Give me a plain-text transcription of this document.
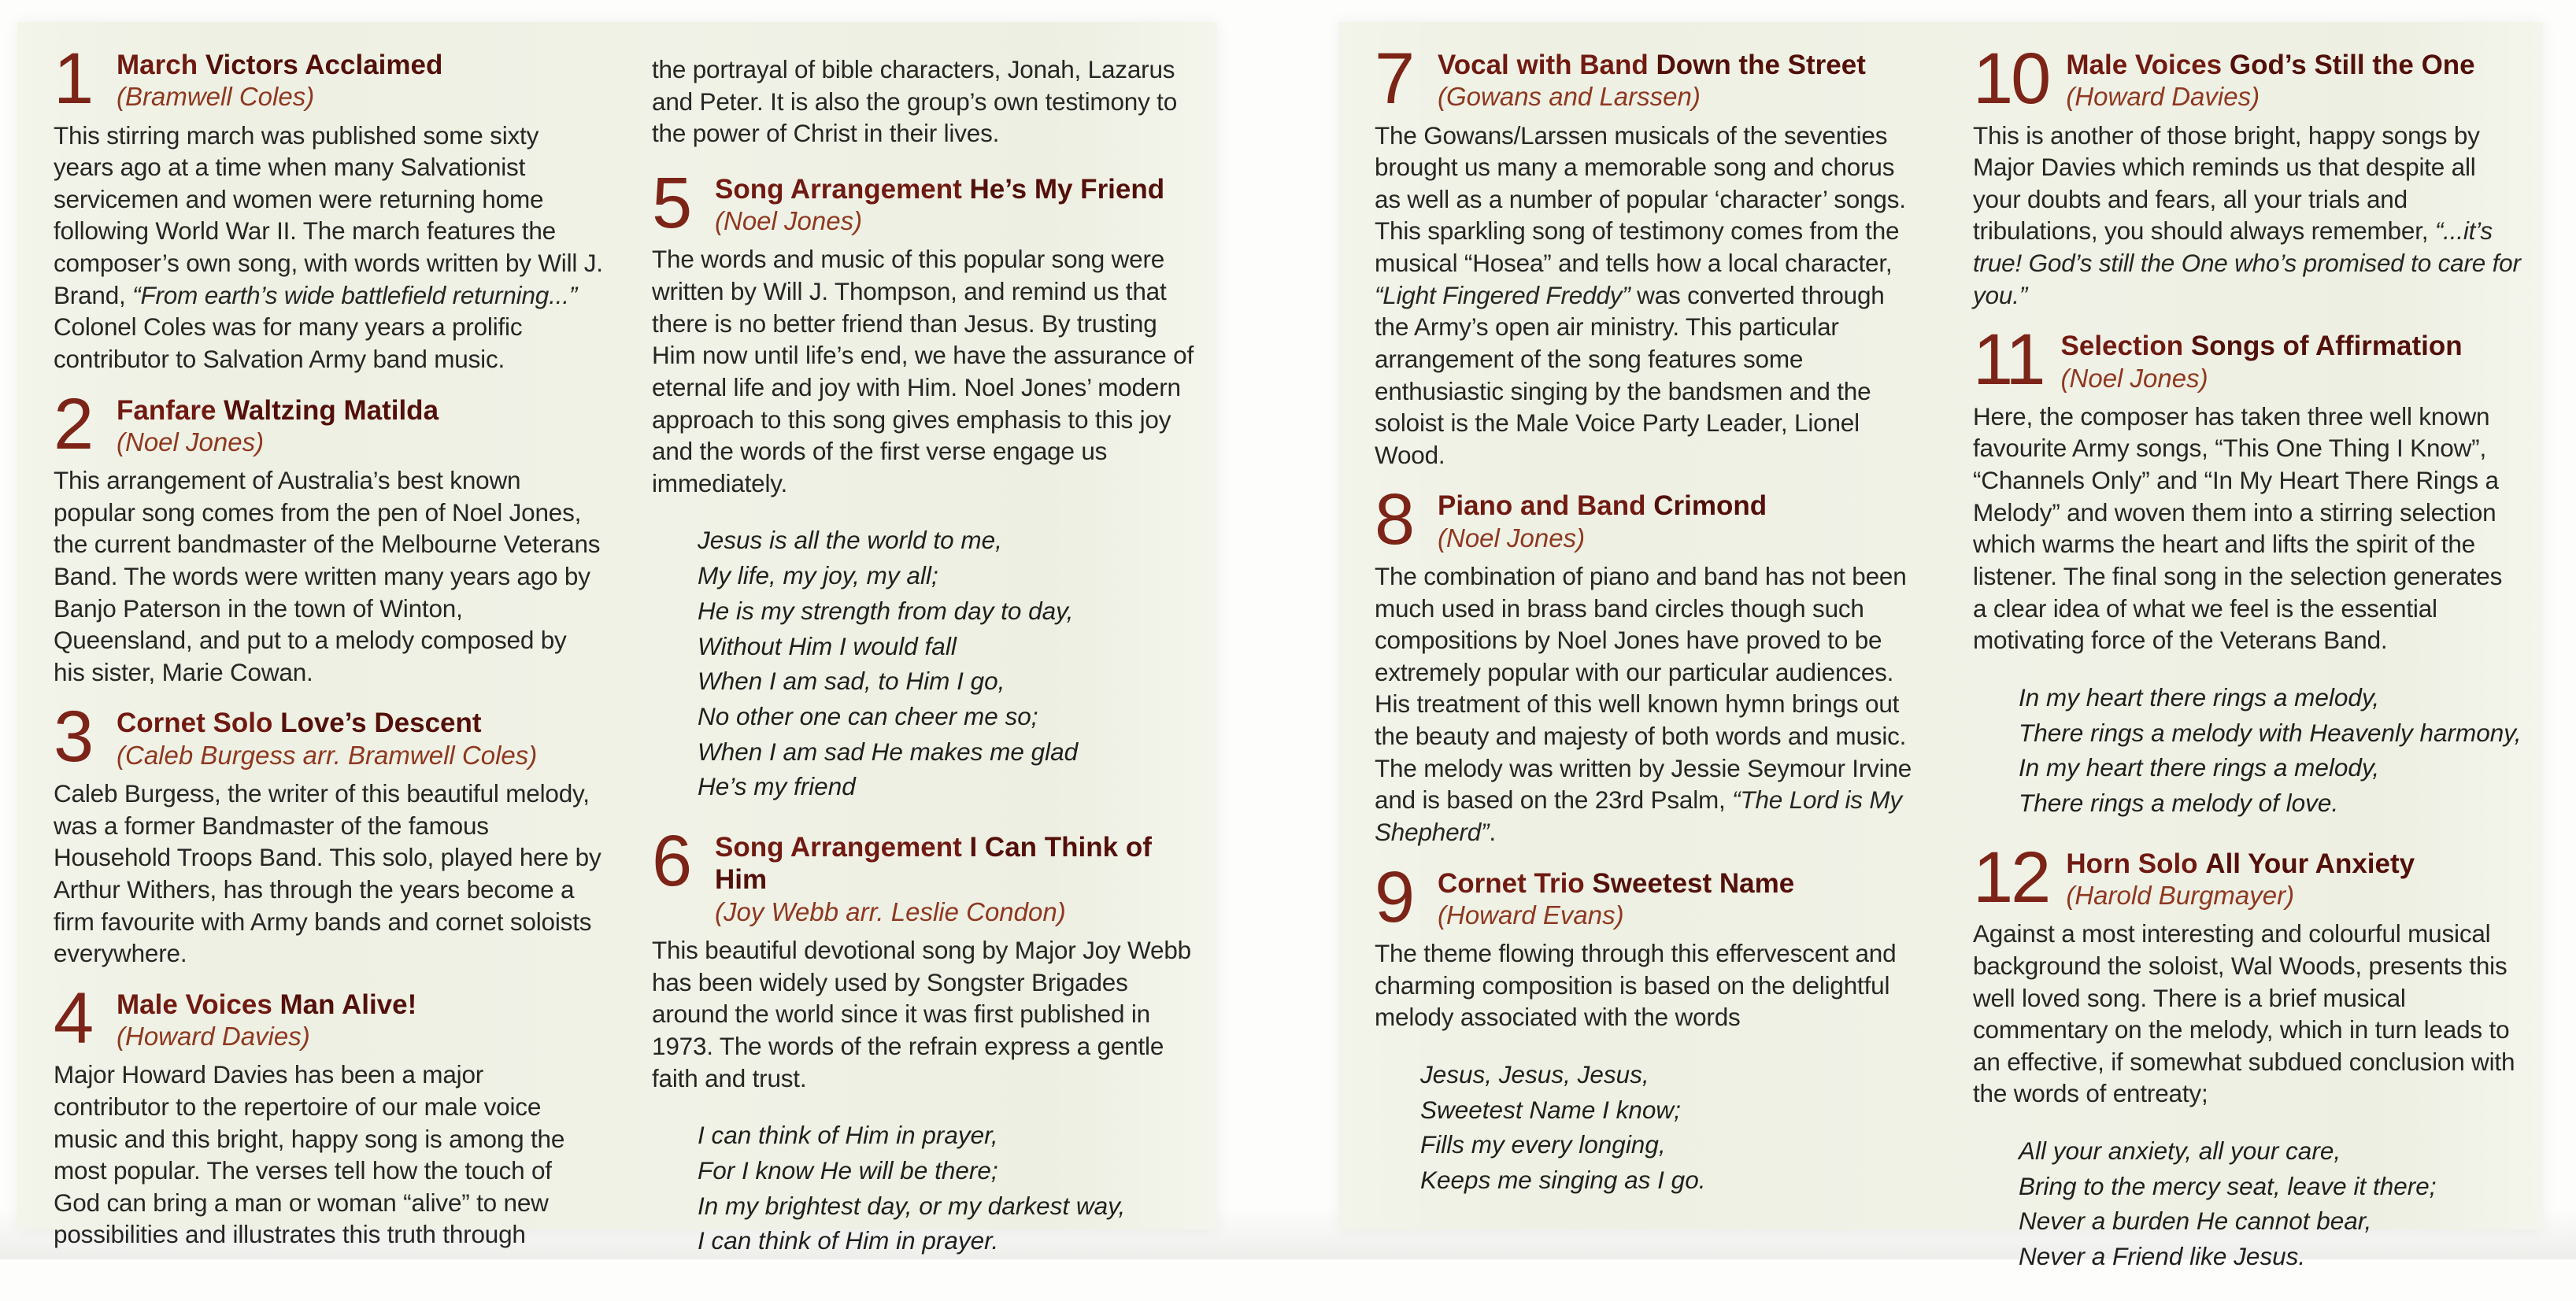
1 March Victors Acclaimed
(Bramwell Coles)

This stirring march was published some sixty years ago at a time when many Salvationist servicemen and women were returning home following World War II. The march features the composer’s own song, with words written by Will J. Brand, “From earth’s wide battlefield returning...” Colonel Coles was for many years a prolific contributor to Salvation Army band music.

2 Fanfare Waltzing Matilda
(Noel Jones)

This arrangement of Australia’s best known popular song comes from the pen of Noel Jones, the current bandmaster of the Melbourne Veterans Band. The words were written many years ago by Banjo Paterson in the town of Winton, Queensland, and put to a melody composed by his sister, Marie Cowan.

3 Cornet Solo Love’s Descent
(Caleb Burgess arr. Bramwell Coles)

Caleb Burgess, the writer of this beautiful melody, was a former Bandmaster of the famous Household Troops Band. This solo, played here by Arthur Withers, has through the years become a firm favourite with Army bands and cornet soloists everywhere.

4 Male Voices Man Alive!
(Howard Davies)

Major Howard Davies has been a major contributor to the repertoire of our male voice music and this bright, happy song is among the most popular. The verses tell how the touch of God can bring a man or woman “alive” to new possibilities and illustrates this truth through

the portrayal of bible characters, Jonah, Lazarus and Peter. It is also the group’s own testimony to the power of Christ in their lives.

5 Song Arrangement He’s My Friend
(Noel Jones)

The words and music of this popular song were written by Will J. Thompson, and remind us that there is no better friend than Jesus. By trusting Him now until life’s end, we have the assurance of eternal life and joy with Him. Noel Jones’ modern approach to this song gives emphasis to this joy and the words of the first verse engage us immediately.

Jesus is all the world to me,
My life, my joy, my all;
He is my strength from day to day,
Without Him I would fall
When I am sad, to Him I go,
No other one can cheer me so;
When I am sad He makes me glad
He’s my friend
6 Song Arrangement I Can Think of Him
(Joy Webb arr. Leslie Condon)

This beautiful devotional song by Major Joy Webb has been widely used by Songster Brigades around the world since it was first published in 1973. The words of the refrain express a gentle faith and trust.

I can think of Him in prayer,
For I know He will be there;
In my brightest day, or my darkest way,
I can think of Him in prayer.
7 Vocal with Band Down the Street
(Gowans and Larssen)

The Gowans/Larssen musicals of the seventies brought us many a memorable song and chorus as well as a number of popular ‘character’ songs. This sparkling song of testimony comes from the musical “Hosea” and tells how a local character, “Light Fingered Freddy” was converted through the Army’s open air ministry. This particular arrangement of the song features some enthusiastic singing by the bandsmen and the soloist is the Male Voice Party Leader, Lionel Wood.

8 Piano and Band Crimond
(Noel Jones)

The combination of piano and band has not been much used in brass band circles though such compositions by Noel Jones have proved to be extremely popular with our particular audiences. His treatment of this well known hymn brings out the beauty and majesty of both words and music. The melody was written by Jessie Seymour Irvine and is based on the 23rd Psalm, “The Lord is My Shepherd”.

9 Cornet Trio Sweetest Name
(Howard Evans)

The theme flowing through this effervescent and charming composition is based on the delightful melody associated with the words

Jesus, Jesus, Jesus,
Sweetest Name I know;
Fills my every longing,
Keeps me singing as I go.
10 Male Voices God’s Still the One
(Howard Davies)

This is another of those bright, happy songs by Major Davies which reminds us that despite all your doubts and fears, all your trials and tribulations, you should always remember, “...it’s true! God’s still the One who’s promised to care for you.”

11 Selection Songs of Affirmation
(Noel Jones)

Here, the composer has taken three well known favourite Army songs, “This One Thing I Know”, “Channels Only” and “In My Heart There Rings a Melody” and woven them into a stirring selection which warms the heart and lifts the spirit of the listener. The final song in the selection generates a clear idea of what we feel is the essential motivating force of the Veterans Band.

In my heart there rings a melody,
There rings a melody with Heavenly harmony,
In my heart there rings a melody,
There rings a melody of love.
12 Horn Solo All Your Anxiety
(Harold Burgmayer)

Against a most interesting and colourful musical background the soloist, Wal Woods, presents this well loved song. There is a brief musical commentary on the melody, which in turn leads to an effective, if somewhat subdued conclusion with the words of entreaty;

All your anxiety, all your care,
Bring to the mercy seat, leave it there;
Never a burden He cannot bear,
Never a Friend like Jesus.
